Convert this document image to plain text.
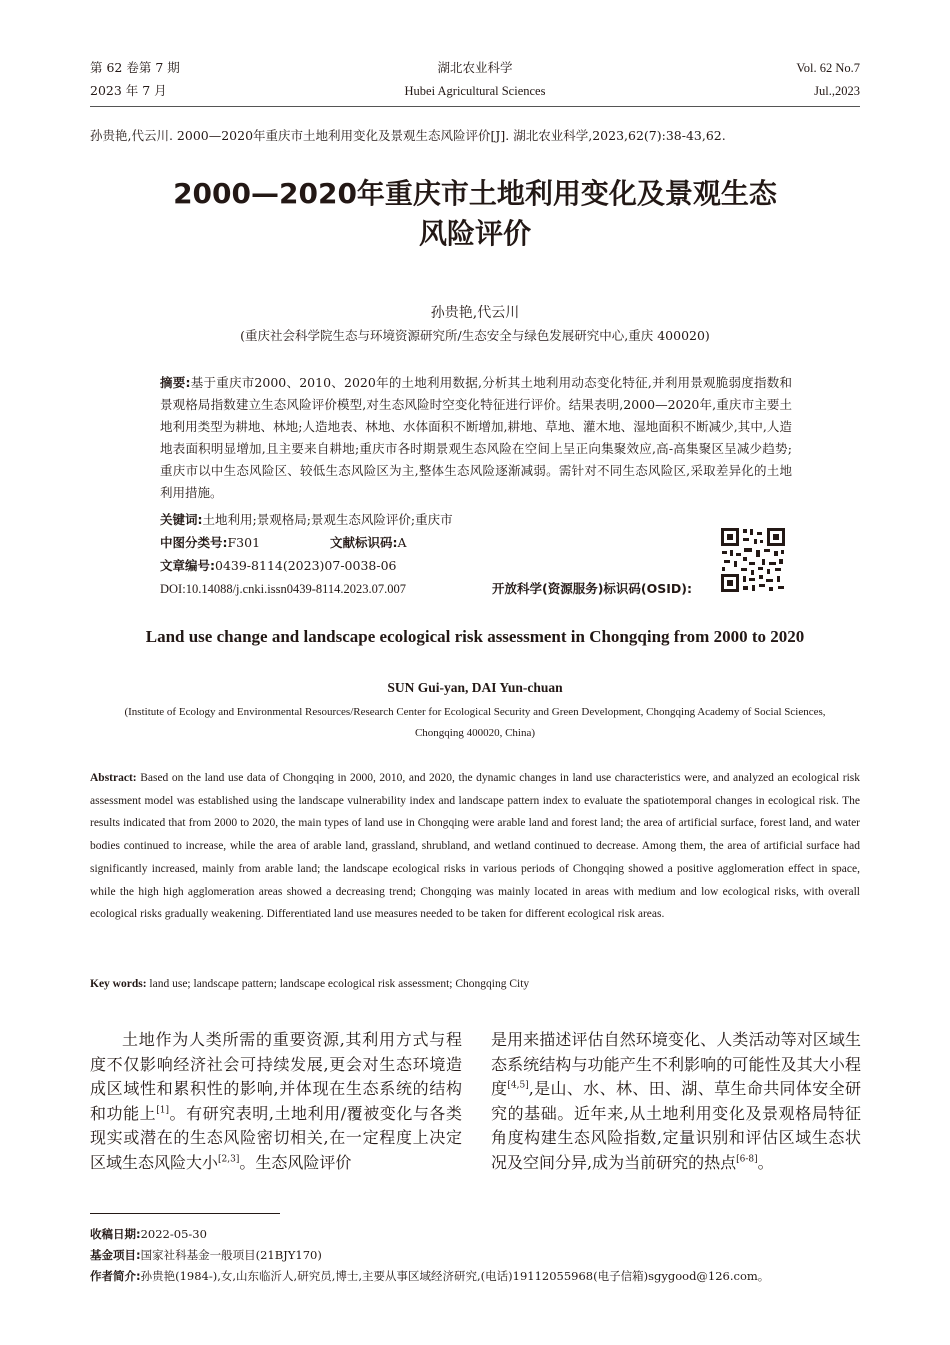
第 62 卷第 7 期
2023 年 7 月
湖北农业科学
Hubei Agricultural Sciences
Vol. 62 No.7
Jul.,2023
孙贵艳,代云川. 2000—2020年重庆市土地利用变化及景观生态风险评价[J]. 湖北农业科学,2023,62(7):38-43,62.
2000—2020年重庆市土地利用变化及景观生态
风险评价
孙贵艳,代云川
(重庆社会科学院生态与环境资源研究所/生态安全与绿色发展研究中心,重庆 400020)
摘要:基于重庆市2000、2010、2020年的土地利用数据,分析其土地利用动态变化特征,并利用景观脆弱度指数和景观格局指数建立生态风险评价模型,对生态风险时空变化特征进行评价。结果表明,2000—2020年,重庆市主要土地利用类型为耕地、林地;人造地表、林地、水体面积不断增加,耕地、草地、灌木地、湿地面积不断减少,其中,人造地表面积明显增加,且主要来自耕地;重庆市各时期景观生态风险在空间上呈正向集聚效应,高-高集聚区呈减少趋势;重庆市以中生态风险区、较低生态风险区为主,整体生态风险逐渐减弱。需针对不同生态风险区,采取差异化的土地利用措施。
关键词:土地利用;景观格局;景观生态风险评价;重庆市
中图分类号:F301	文献标识码:A
文章编号:0439-8114(2023)07-0038-06
DOI:10.14088/j.cnki.issn0439-8114.2023.07.007	开放科学(资源服务)标识码(OSID):
Land use change and landscape ecological risk assessment in Chongqing from 2000 to 2020
SUN Gui-yan, DAI Yun-chuan
(Institute of Ecology and Environmental Resources/Research Center for Ecological Security and Green Development, Chongqing Academy of Social Sciences, Chongqing 400020, China)
Abstract: Based on the land use data of Chongqing in 2000, 2010, and 2020, the dynamic changes in land use characteristics were, and analyzed an ecological risk assessment model was established using the landscape vulnerability index and landscape pattern index to evaluate the spatiotemporal changes in ecological risk. The results indicated that from 2000 to 2020, the main types of land use in Chongqing were arable land and forest land; the area of artificial surface, forest land, and water bodies continued to increase, while the area of arable land, grassland, shrubland, and wetland continued to decrease. Among them, the area of artificial surface had significantly increased, mainly from arable land; the landscape ecological risks in various periods of Chongqing showed a positive agglomeration effect in space, while the high high agglomeration areas showed a decreasing trend; Chongqing was mainly located in areas with medium and low ecological risks, with overall ecological risks gradually weakening. Differentiated land use measures needed to be taken for different ecological risk areas.
Key words: land use; landscape pattern; landscape ecological risk assessment; Chongqing City
土地作为人类所需的重要资源,其利用方式与程度不仅影响经济社会可持续发展,更会对生态环境造成区域性和累积性的影响,并体现在生态系统的结构和功能上[1]。有研究表明,土地利用/覆被变化与各类现实或潜在的生态风险密切相关,在一定程度上决定区域生态风险大小[2,3]。生态风险评价
是用来描述评估自然环境变化、人类活动等对区域生态系统结构与功能产生不利影响的可能性及其大小程度[4,5],是山、水、林、田、湖、草生命共同体安全研究的基础。近年来,从土地利用变化及景观格局特征角度构建生态风险指数,定量识别和评估区域生态状况及空间分异,成为当前研究的热点[6-8]。
收稿日期:2022-05-30
基金项目:国家社科基金一般项目(21BJY170)
作者简介:孙贵艳(1984-),女,山东临沂人,研究员,博士,主要从事区域经济研究,(电话)19112055968(电子信箱)sgygood@126.com。
